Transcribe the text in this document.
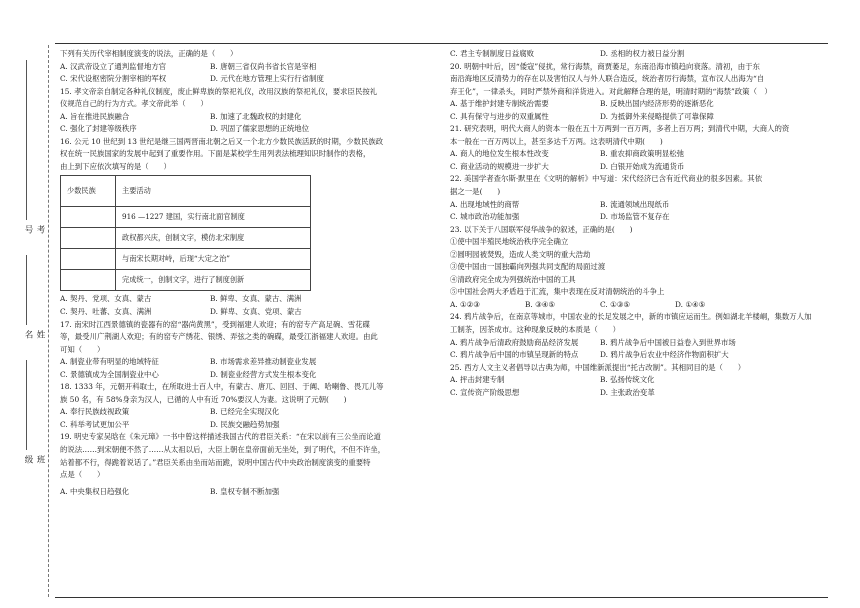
考号
姓名
班级

下列有关历代宰相制度演变的说法，正确的是（　　）

A. 汉武帝设立了通判监督地方官	B. 唐朝三省仅尚书省长官是宰相

C. 宋代设枢密院分割宰相的军权	D. 元代在地方管理上实行行省制度

15. 孝文帝亲自制定各种礼仪制度，废止鲜卑族的祭祀礼仪，改用汉族的祭祀礼仪，要求臣民按礼

仪规范自己的行为方式。孝文帝此举（　　）

A. 旨在推进民族融合	B. 加速了北魏政权的封建化

C. 强化了封建等级秩序	D. 巩固了儒家思想的正统地位

16. 公元 10 世纪到 13 世纪是继三国两晋南北朝之后又一个北方少数民族活跃的时期，少数民族政

权在统一民族国家的发展中起到了重要作用。下面是某校学生用列表法梳理知识时制作的表格，

由上到下应依次填写的是（　　）

少数民族	主要活动
	916 —1227 建国，实行南北面官制度
	政权都兴庆，创制文字，模仿北宋制度
	与南宋长期对峙，后现“大定之治”
	完成统一，创制文字，进行了制度创新

A. 契丹、党项、女真、蒙古	B. 鲜卑、女真、蒙古、满洲

C. 契丹、吐蕃、女真、满洲	D. 鲜卑、女真、党项、蒙古

17. 南宋时江西景德镇的瓷器有的窑“器尚黄黑”，受到福建人欢迎；有的窑专产高足碗、雪花碟

等，最受川广荆湖人欢迎；有的窑专产绣花、银绣、弄弦之类的碗碟，最受江浙福建人欢迎。由此

可知（　　）

A. 制瓷业带有明显的地域特征	B. 市场需求差异推动制瓷业发展

C. 景德镇成为全国制瓷业中心	D. 制瓷业经营方式发生根本变化

18. 1333 年，元朝开科取士，在所取进士百人中，有蒙古、唐兀、回回、于阗、哈喇鲁、畏兀儿等

族 50 名，有 58%身亲为汉人，已循的人中有近 70%要汉人为妻。这说明了元朝(　　)

A. 奉行民族歧视政策	B. 已经完全实现汉化

C. 科举考试更加公平	D. 民族交融趋势加强

19. 明史专家吴晗在《朱元璋》一书中曾这样描述我国古代的君臣关系：“在宋以前有三公坐而论道

的说法……到宋朝便不然了……从太祖以后，大臣上朝在皇帝面前无坐处，到了明代，不但不许坐，

站着都不行，得跪着说话了。”君臣关系由坐而站而跪，说明中国古代中央政治制度演变的重要特

点是（　　）

A. 中央集权日趋强化	B. 皇权专制不断加强

C. 君主专制制度日益腐败	D. 丞相的权力被日益分割

20. 明朝中叶后，因“倭寇”侵扰，常行海禁，商贾萎足，东南沿海市镇趋向衰落。清初，由于东

南沿海地区反清势力的存在以及害怕汉人与外人联合造反，统治者厉行海禁，宣布汉人出海为“自

弃王化”，一律杀头，同时严禁外商和洋货进入。对此解释合理的是，明清时期的“海禁”政策（　）

A. 基于维护封建专制统治需要	B. 反映出国内经济形势的逐渐恶化

C. 具有保守与进步的双重属性	D. 为抵御外来侵略提供了可靠保障

21. 研究表明，明代大商人的资本一般在五十万两到一百万两，多者上百万两；到清代中期，大商人的资

本一般在一百万两以上，甚至多达千万两。这表明清代中期(　　)

A. 商人的地位发生根本性改变	B. 重农抑商政策明显松弛

C. 商业活动的规模进一步扩大	D. 白银开始成为流通货币

22. 美国学者查尔斯·默里在《文明的解析》中写道：宋代经济已含有近代商业的很多因素。其依

据之一是(　　)

A. 出现地域性的商帮	B. 流通领域出现纸币

C. 城市政治功能加强	D. 市场监管不复存在

23. 以下关于八国联军侵华战争的叙述，正确的是(　　)

①使中国半殖民地统治秩序完全确立

②圆明园被焚毁，造成人类文明的重大浩劫

③使中国由一国独霸向列强共同支配的局面过渡

④清政府完全成为列强统治中国的工具

⑤中国社会两大矛盾趋于汇流，集中表现在反对清朝统治的斗争上

A. ①②③	B. ③④⑤	C. ①③⑤	D. ①④⑤

24. 鸦片战争后，在南京等城市，中国农业的长足发展之中，新的市镇应运而生。例如湖北羊楼峒，集数万人加

工制茶，因茶成市。这种现象反映的本质是（　　）

A. 鸦片战争后清政府鼓励商品经济发展	B. 鸦片战争后中国被日益卷入到世界市场

C. 鸦片战争后中国的市镇呈现新的特点	D. 鸦片战争后农业中经济作物面积扩大

25. 西方人文主义者倡导以古典为师，中国维新派提出“托古改制”。其相同目的是（　　）

A. 抨击封建专制	B. 弘扬传统文化

C. 宣传资产阶级思想	D. 主张政治变革
